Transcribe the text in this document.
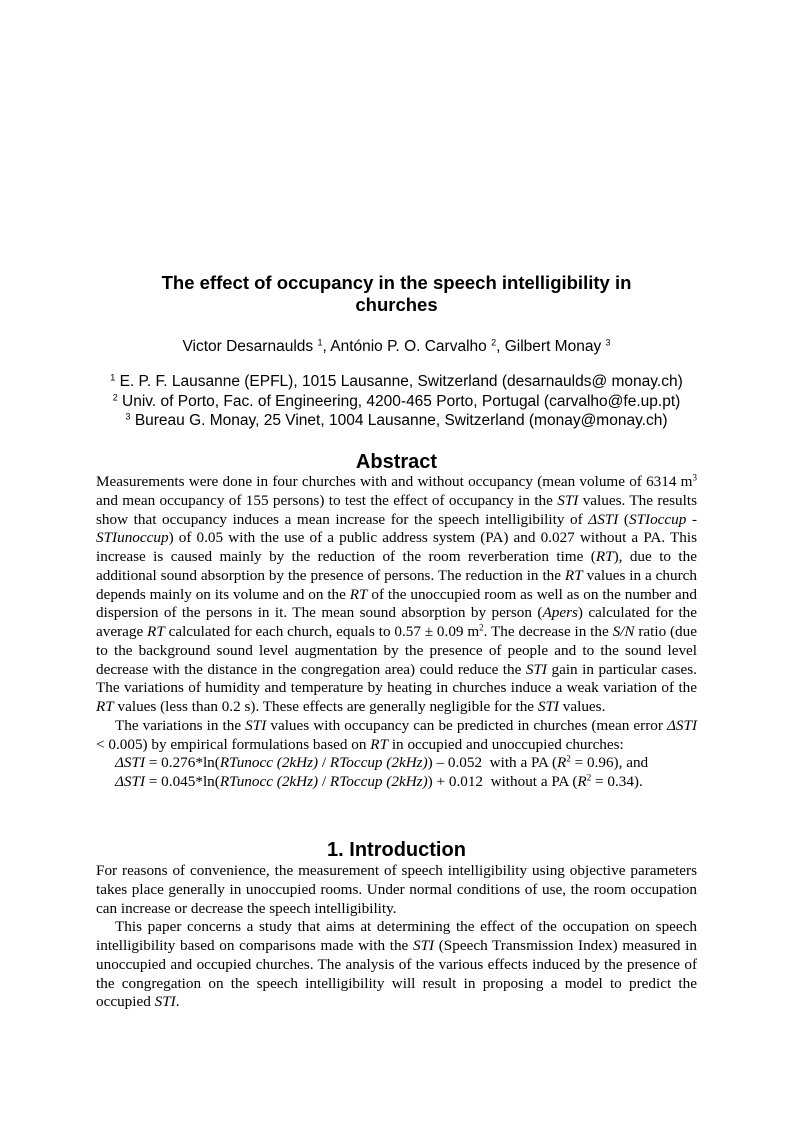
The effect of occupancy in the speech intelligibility in
churches
Victor Desarnaulds $^1$, António P. O. Carvalho $^2$, Gilbert Monay $^3$
$^1$ E. P. F. Lausanne (EPFL), 1015 Lausanne, Switzerland (desarnaulds@ monay.ch)
$^2$ Univ. of Porto, Fac. of Engineering, 4200-465 Porto, Portugal (carvalho@fe.up.pt)
$^3$ Bureau G. Monay, 25 Vinet, 1004 Lausanne, Switzerland (monay@monay.ch)
Abstract

Measurements were done in four churches with and without occupancy (mean volume of 6314 $m^3$ and mean occupancy of 155 persons) to test the effect of occupancy in the STI values. The results show that occupancy induces a mean increase for the speech intelligibility of ΔSTI (STIoccup - STIunoccup) of 0.05 with the use of a public address system (PA) and 0.027 without a PA. This increase is caused mainly by the reduction of the room reverberation time (RT), due to the additional sound absorption by the presence of persons. The reduction in the RT values in a church depends mainly on its volume and on the RT of the unoccupied room as well as on the number and dispersion of the persons in it. The mean sound absorption by person (Apers) calculated for the average RT calculated for each church, equals to 0.57 ± 0.09 $m^2$. The decrease in the S/N ratio (due to the background sound level augmentation by the presence of people and to the sound level decrease with the distance in the congregation area) could reduce the STI gain in particular cases. The variations of humidity and temperature by heating in churches induce a weak variation of the RT values (less than 0.2 s). These effects are generally negligible for the STI values.

The variations in the STI values with occupancy can be predicted in churches (mean error ΔSTI < 0.005) by empirical formulations based on RT in occupied and unoccupied churches:

ΔSTI = 0.276*ln(RTunocc (2kHz) / RToccup (2kHz)) – 0.052  with a PA $(R^2 = 0.96)$, and

ΔSTI = 0.045*ln(RTunocc (2kHz) / RToccup (2kHz)) + 0.012  without a PA $(R^2 = 0.34)$.

1. Introduction

For reasons of convenience, the measurement of speech intelligibility using objective parameters takes place generally in unoccupied rooms. Under normal conditions of use, the room occupation can increase or decrease the speech intelligibility.

This paper concerns a study that aims at determining the effect of the occupation on speech intelligibility based on comparisons made with the STI (Speech Transmission Index) measured in unoccupied and occupied churches. The analysis of the various effects induced by the presence of the congregation on the speech intelligibility will result in proposing a model to predict the occupied STI.
